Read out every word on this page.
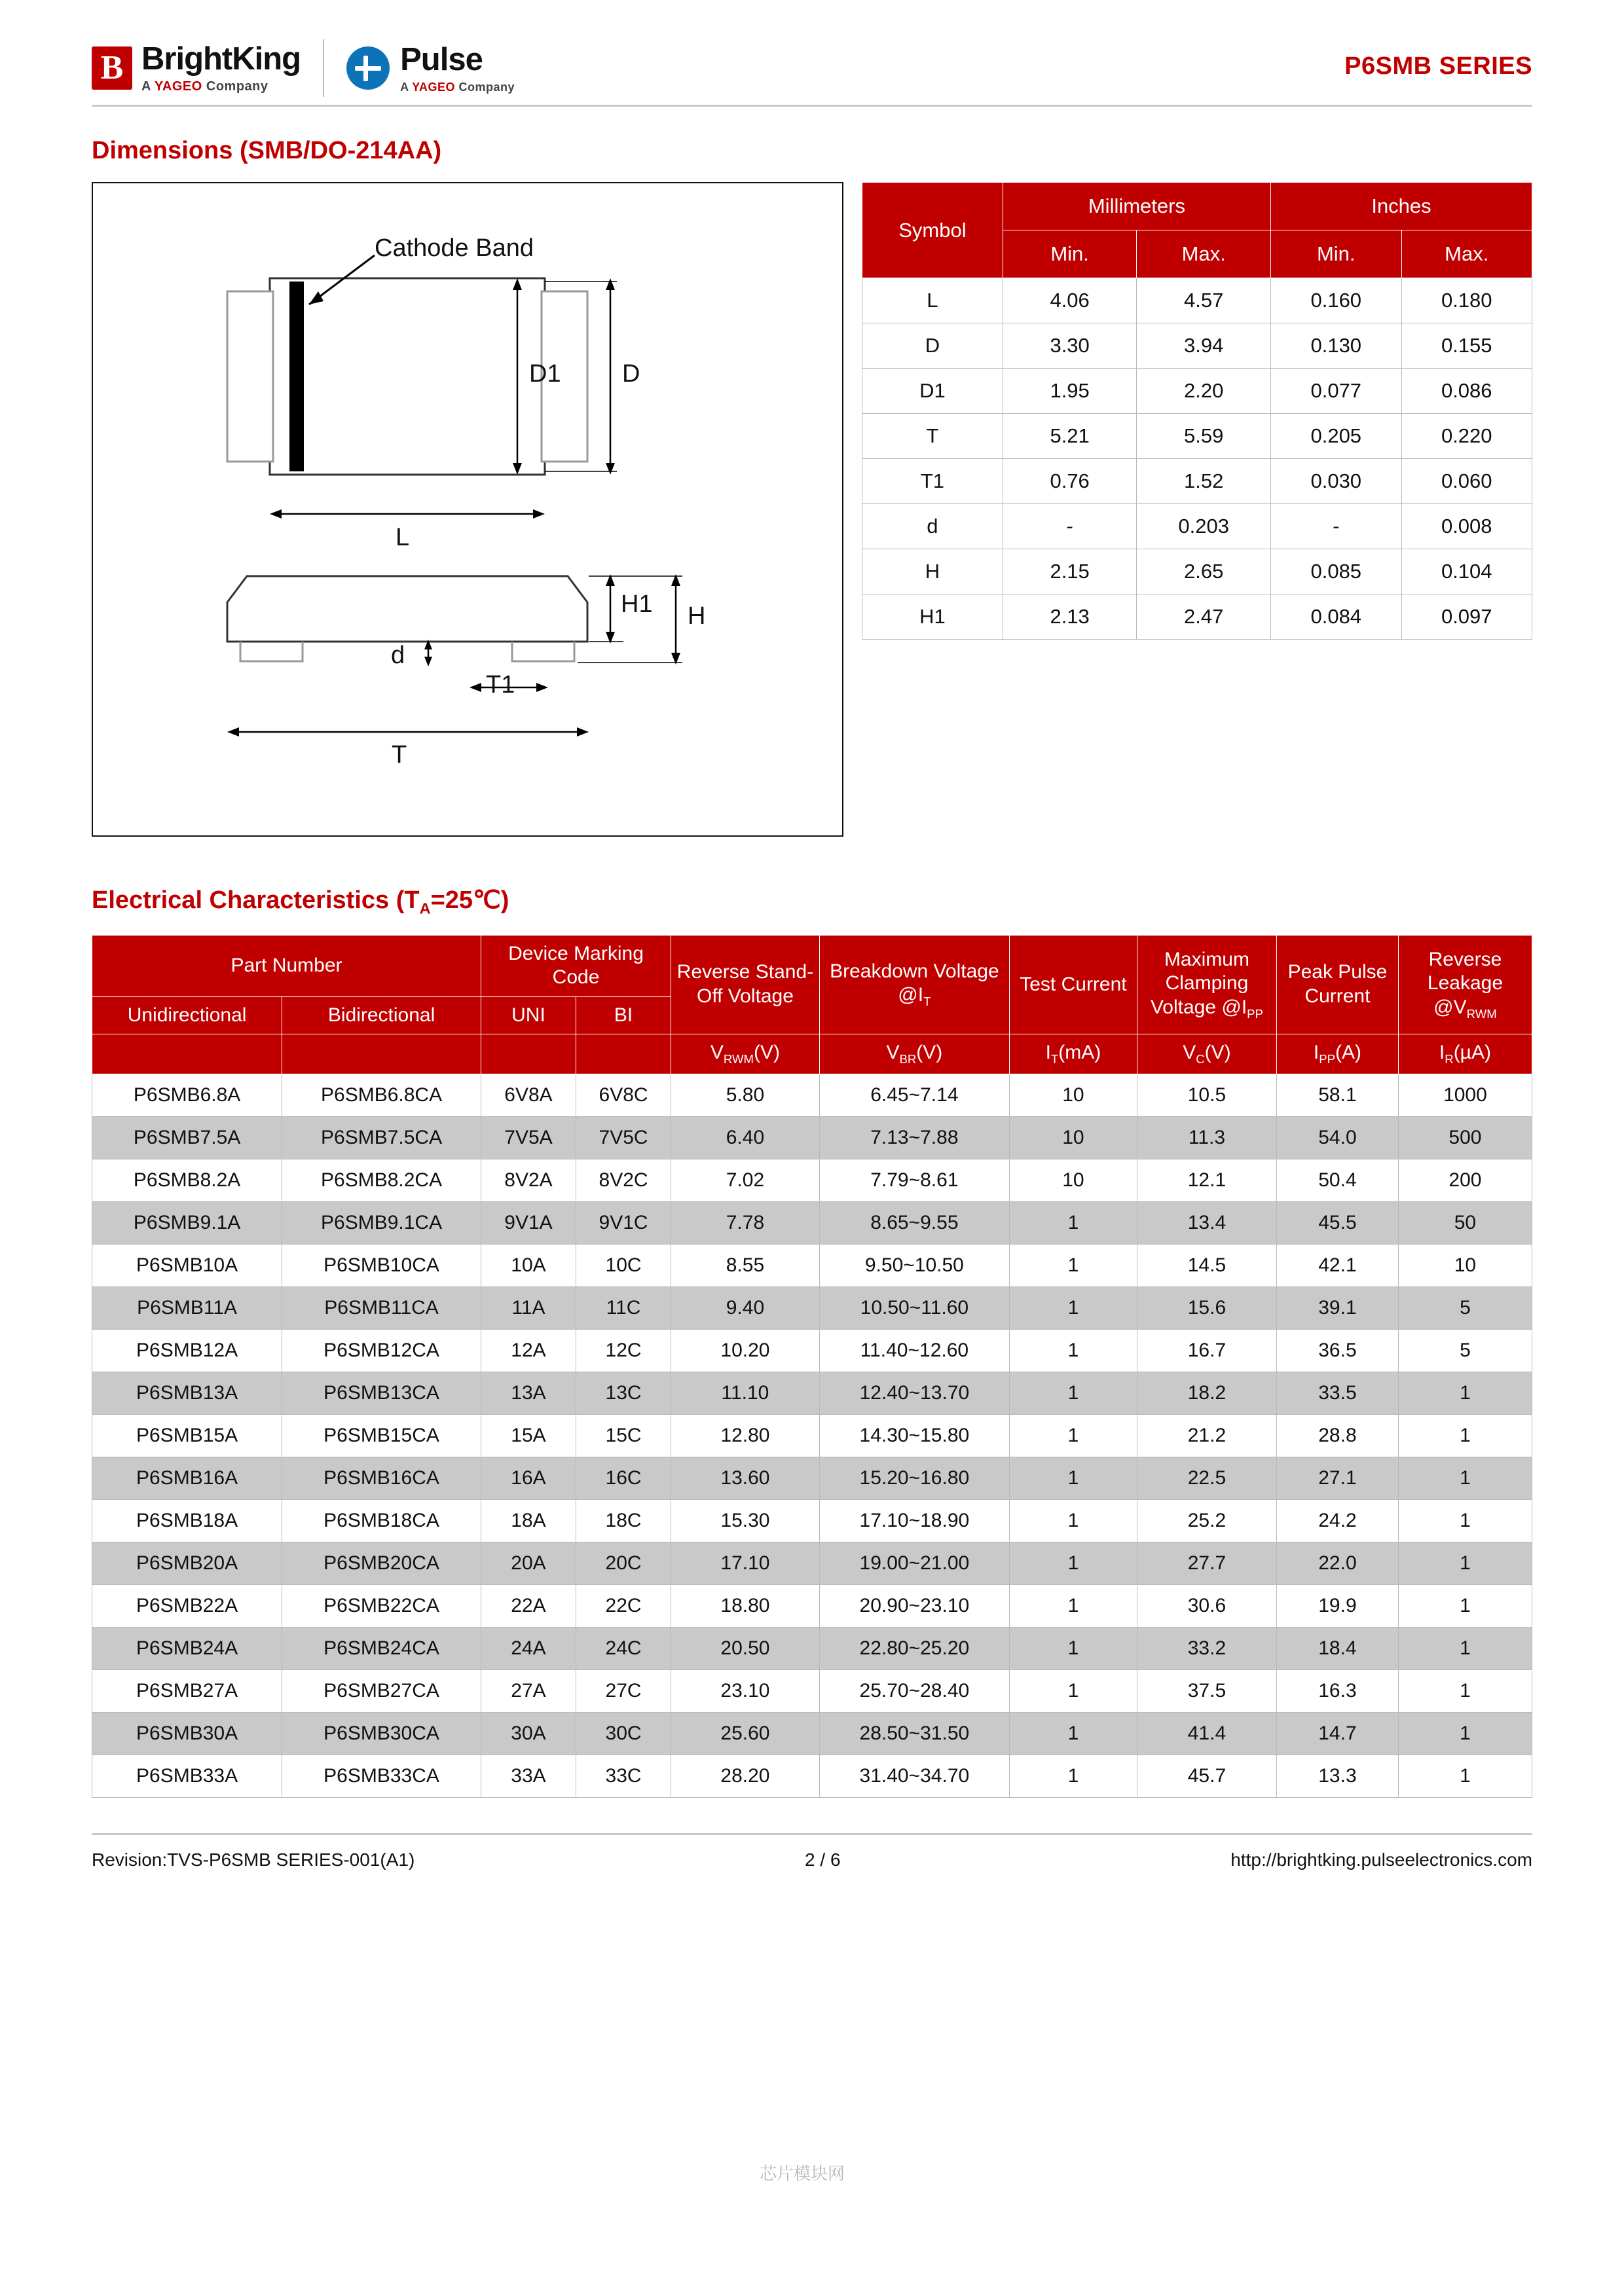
B BrightKing
A YAGEO Company
Pulse
A YAGEO Company
P6SMB SERIES
Dimensions (SMB/DO-214AA)
Cathode Band
D1 D
L
H1 H
d
T1
T
Symbol	Millimeters		Inches	
	Min.	Max.	Min.	Max.
L	4.06	4.57	0.160	0.180
D	3.30	3.94	0.130	0.155
D1	1.95	2.20	0.077	0.086
T	5.21	5.59	0.205	0.220
T1	0.76	1.52	0.030	0.060
d	-	0.203	-	0.008
H	2.15	2.65	0.085	0.104
H1	2.13	2.47	0.084	0.097
Electrical Characteristics $(T_A=25℃)$
Part Number		Device Marking Code		Reverse Stand-Off Voltage	Breakdown Voltage $@I_T$	Test Current	Maximum Clamping Voltage $@I_{PP}$	Peak Pulse Current	Reverse Leakage $@V_{RWM}$
Unidirectional	Bidirectional	UNI	BI						
				$V_{RWM}(V)$	$V_{BR}(V)$	$I_T(mA)$	$V_C(V)$	$I_{PP}(A)$	$I_R(\mu A)$
P6SMB6.8A	P6SMB6.8CA	6V8A	6V8C	5.80	6.45~7.14	10	10.5	58.1	1000
P6SMB7.5A	P6SMB7.5CA	7V5A	7V5C	6.40	7.13~7.88	10	11.3	54.0	500
P6SMB8.2A	P6SMB8.2CA	8V2A	8V2C	7.02	7.79~8.61	10	12.1	50.4	200
P6SMB9.1A	P6SMB9.1CA	9V1A	9V1C	7.78	8.65~9.55	1	13.4	45.5	50
P6SMB10A	P6SMB10CA	10A	10C	8.55	9.50~10.50	1	14.5	42.1	10
P6SMB11A	P6SMB11CA	11A	11C	9.40	10.50~11.60	1	15.6	39.1	5
P6SMB12A	P6SMB12CA	12A	12C	10.20	11.40~12.60	1	16.7	36.5	5
P6SMB13A	P6SMB13CA	13A	13C	11.10	12.40~13.70	1	18.2	33.5	1
P6SMB15A	P6SMB15CA	15A	15C	12.80	14.30~15.80	1	21.2	28.8	1
P6SMB16A	P6SMB16CA	16A	16C	13.60	15.20~16.80	1	22.5	27.1	1
P6SMB18A	P6SMB18CA	18A	18C	15.30	17.10~18.90	1	25.2	24.2	1
P6SMB20A	P6SMB20CA	20A	20C	17.10	19.00~21.00	1	27.7	22.0	1
P6SMB22A	P6SMB22CA	22A	22C	18.80	20.90~23.10	1	30.6	19.9	1
P6SMB24A	P6SMB24CA	24A	24C	20.50	22.80~25.20	1	33.2	18.4	1
P6SMB27A	P6SMB27CA	27A	27C	23.10	25.70~28.40	1	37.5	16.3	1
P6SMB30A	P6SMB30CA	30A	30C	25.60	28.50~31.50	1	41.4	14.7	1
P6SMB33A	P6SMB33CA	33A	33C	28.20	31.40~34.70	1	45.7	13.3	1
芯片模块网
Revision:TVS-P6SMB SERIES-001(A1)	2 / 6	http://brightking.pulseelectronics.com
